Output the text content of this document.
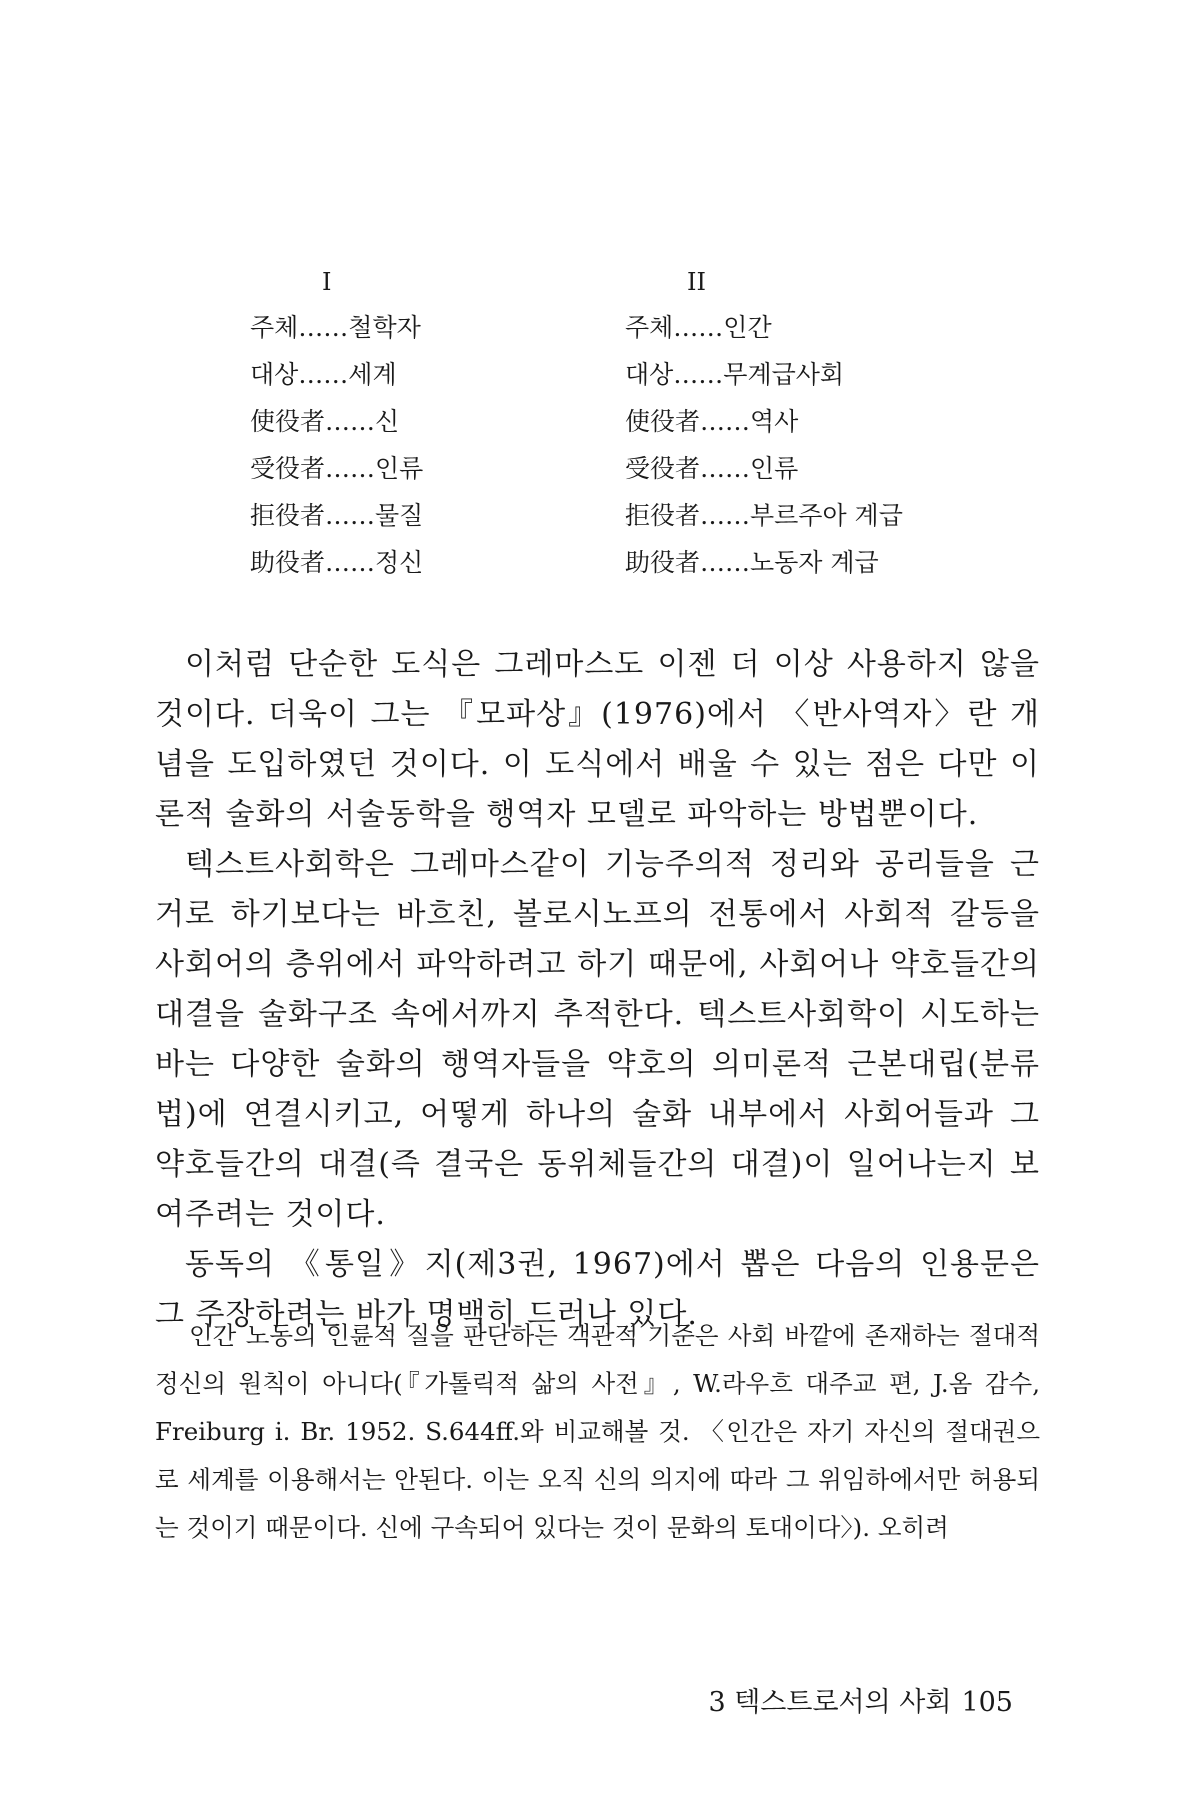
I
주체……철학자
대상……세계
使役者……신
受役者……인류
拒役者……물질
助役者……정신
II
주체……인간
대상……무계급사회
使役者……역사
受役者……인류
拒役者……부르주아 계급
助役者……노동자 계급

이처럼 단순한 도식은 그레마스도 이젠 더 이상 사용하지 않을 것이다. 더욱이 그는 『모파상』(1976)에서 〈반사역자〉란 개념을 도입하였던 것이다. 이 도식에서 배울 수 있는 점은 다만 이론적 술화의 서술동학을 행역자 모델로 파악하는 방법뿐이다.

텍스트사회학은 그레마스같이 기능주의적 정리와 공리들을 근거로 하기보다는 바흐친, 볼로시노프의 전통에서 사회적 갈등을 사회어의 층위에서 파악하려고 하기 때문에, 사회어나 약호들간의 대결을 술화구조 속에서까지 추적한다. 텍스트사회학이 시도하는 바는 다양한 술화의 행역자들을 약호의 의미론적 근본대립(분류법)에 연결시키고, 어떻게 하나의 술화 내부에서 사회어들과 그 약호들간의 대결(즉 결국은 동위체들간의 대결)이 일어나는지 보여주려는 것이다.

동독의 《통일》지(제3권, 1967)에서 뽑은 다음의 인용문은 그 주장하려는 바가 명백히 드러나 있다.

인간 노동의 인륜적 질을 판단하는 객관적 기준은 사회 바깥에 존재하는 절대적 정신의 원칙이 아니다(『가톨릭적 삶의 사전』, W.라우흐 대주교 편, J.옴 감수, Freiburg i. Br. 1952. S.644ff.와 비교해볼 것. 〈인간은 자기 자신의 절대권으로 세계를 이용해서는 안된다. 이는 오직 신의 의지에 따라 그 위임하에서만 허용되는 것이기 때문이다. 신에 구속되어 있다는 것이 문화의 토대이다〉). 오히려

3 텍스트로서의 사회 105
